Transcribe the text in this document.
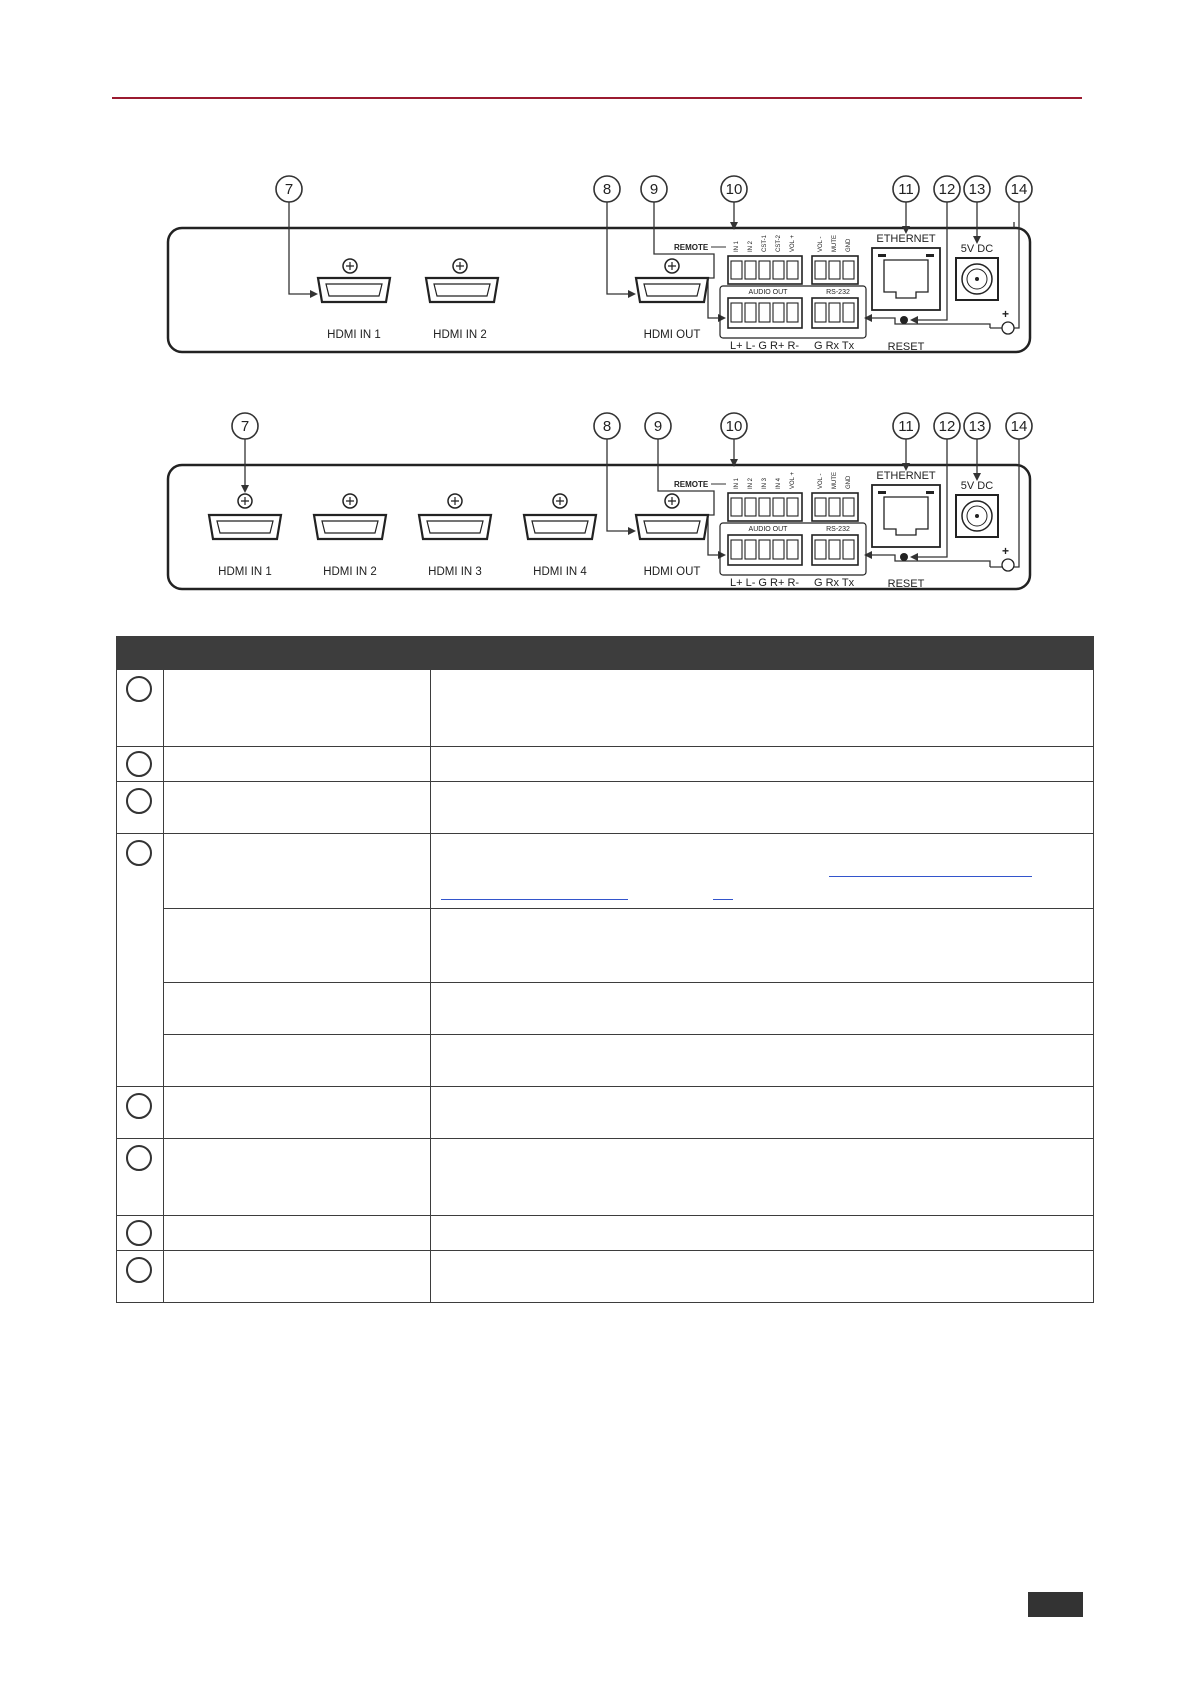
7	8	9	10	11 12 13 14
HDMI IN 1	HDMI IN 2	HDMI OUT
REMOTE	IN 1 IN 2 CST-1 CST-2 VOL +	VOL - MUTE GND
AUDIO OUT	RS-232
L+ L- G R+ R- G Rx Tx
ETHERNET
RESET
5V DC
+
7	8	9	10	11 12 13 14
HDMI IN 1	HDMI IN 2	HDMI IN 3	HDMI IN 4	HDMI OUT
REMOTE	IN 1 IN 2 IN 3 IN 4 VOL +	VOL - MUTE GND
AUDIO OUT	RS-232
L+ L- G R+ R- G Rx Tx
ETHERNET
RESET
5V DC
+
